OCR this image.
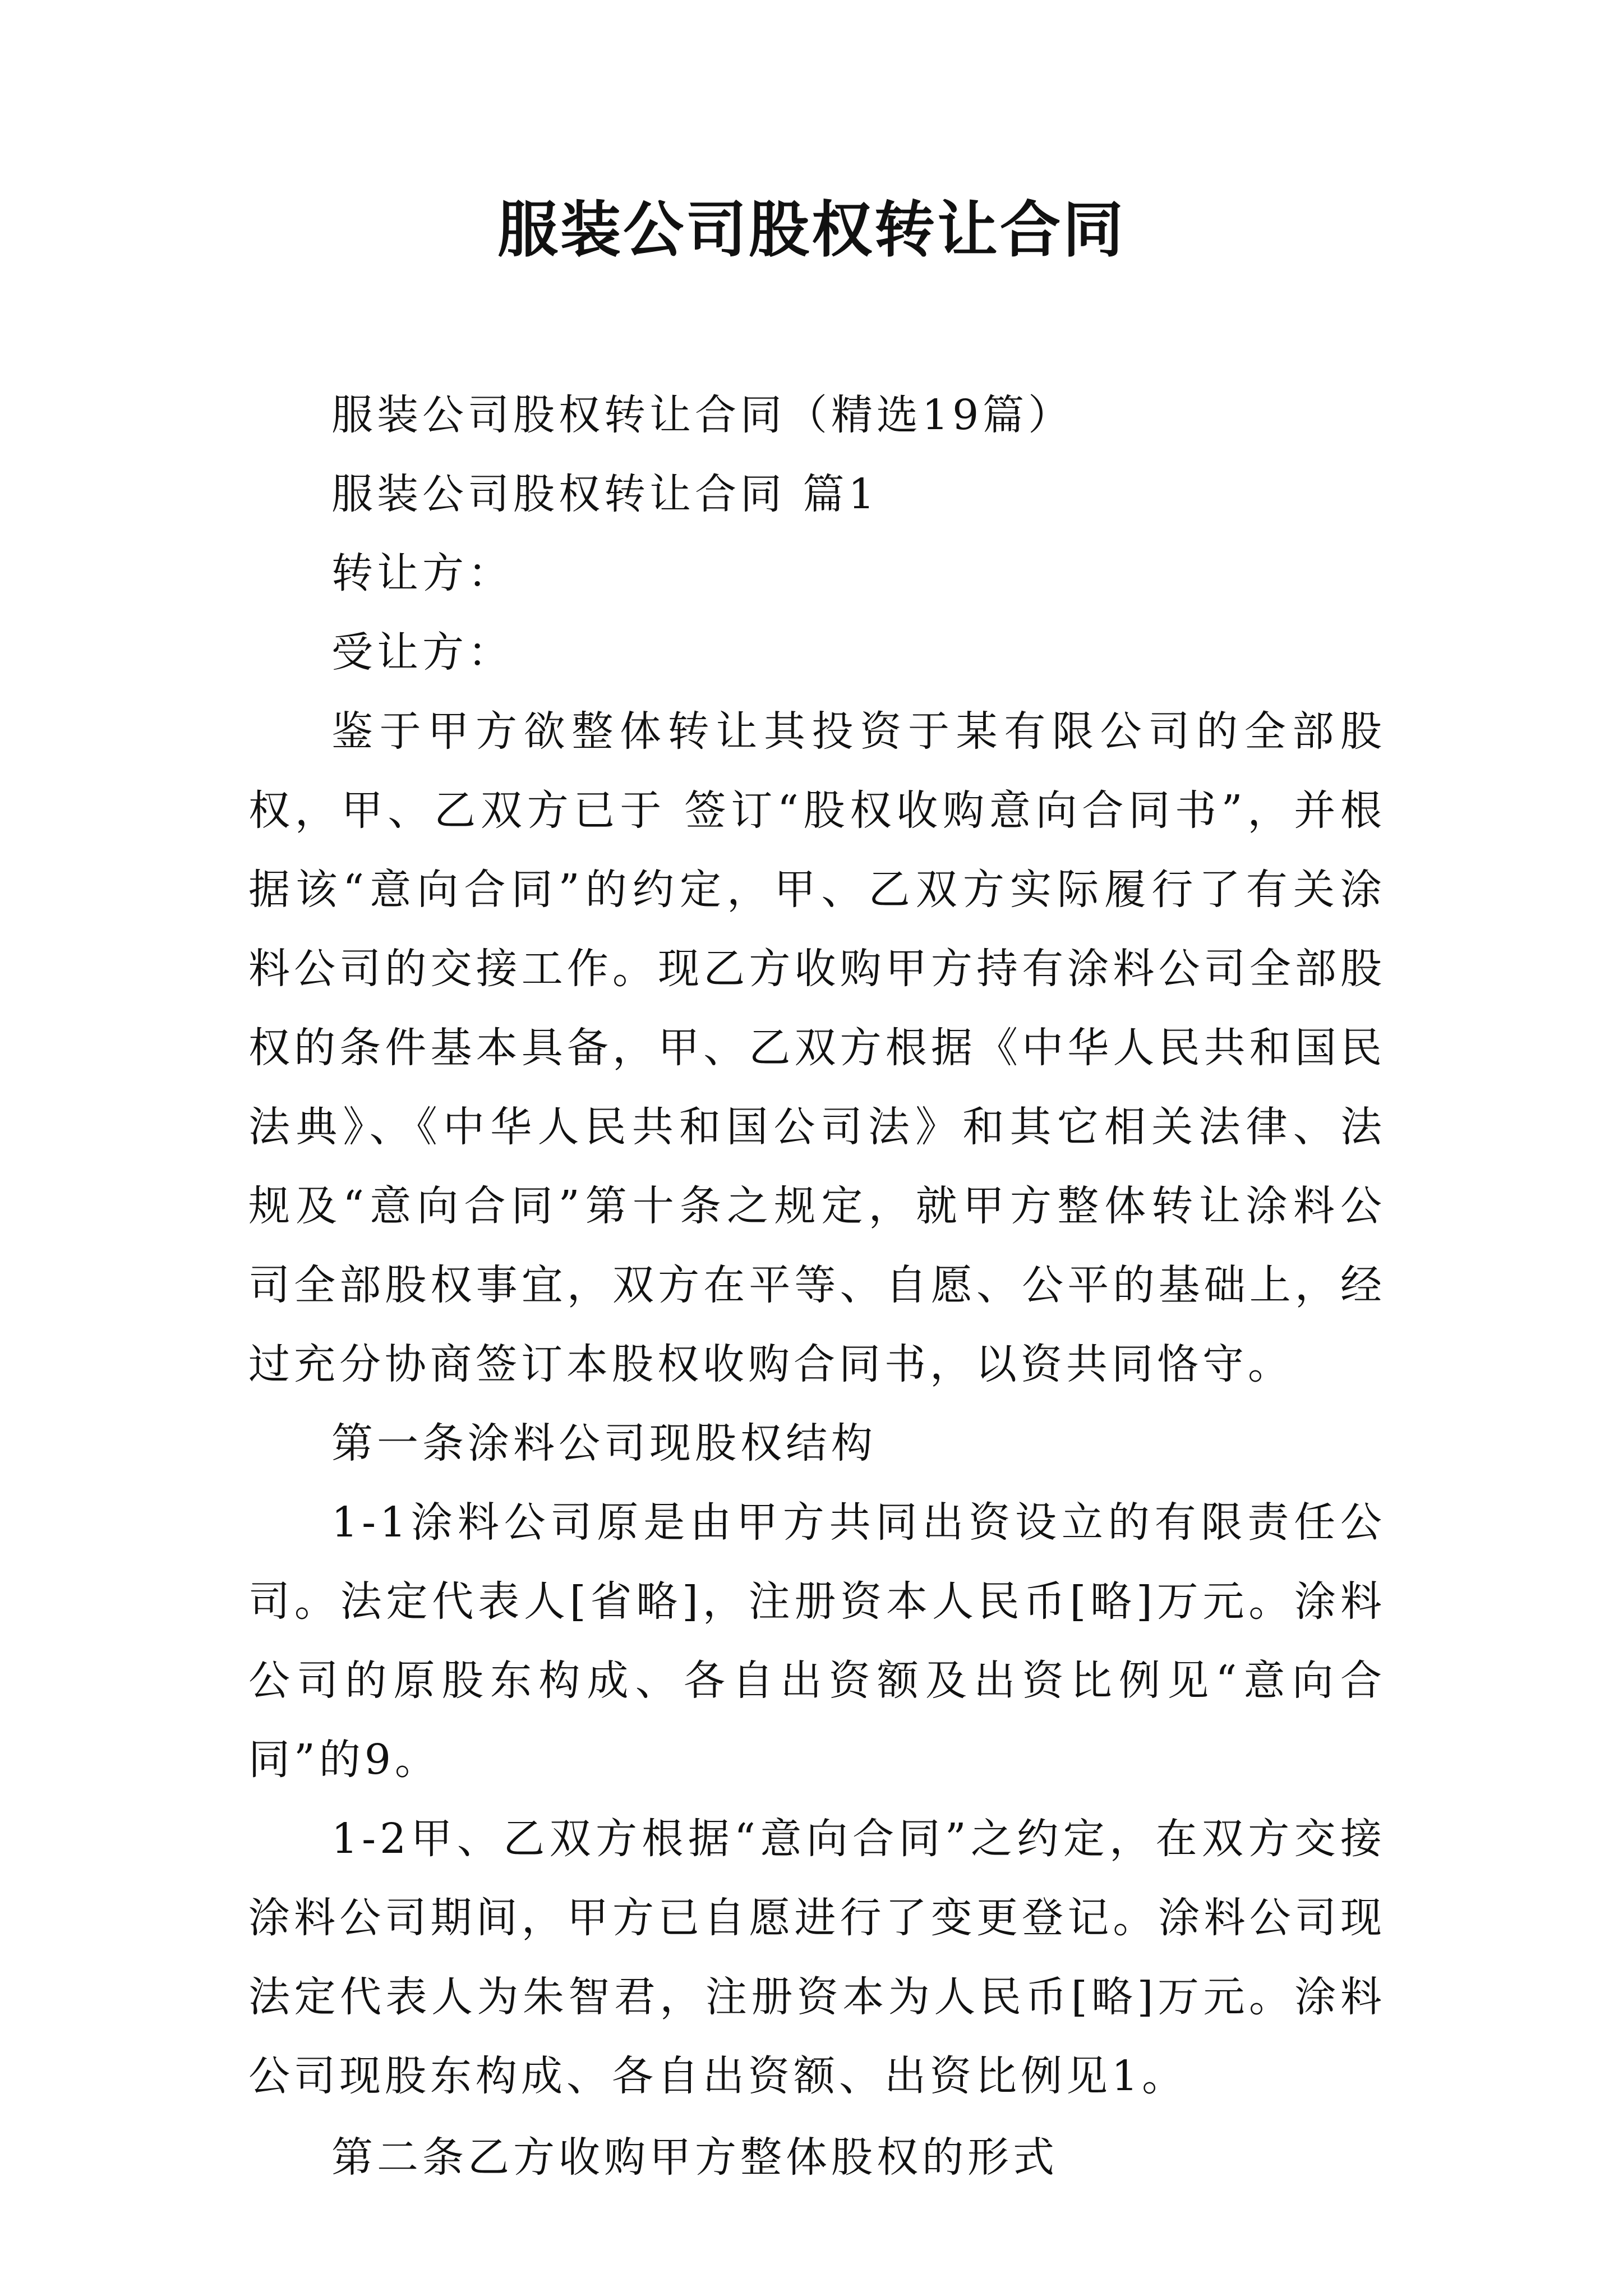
服装公司股权转让合同

服装公司股权转让合同（精选19篇）

服装公司股权转让合同 篇1

转让方：

受让方：

鉴于甲方欲整体转让其投资于某有限公司的全部股权，甲、乙双方已于 签订“股权收购意向合同书”，并根据该“意向合同”的约定，甲、乙双方实际履行了有关涂料公司的交接工作。现乙方收购甲方持有涂料公司全部股权的条件基本具备，甲、乙双方根据《中华人民共和国民法典》、《中华人民共和国公司法》和其它相关法律、法规及“意向合同”第十条之规定，就甲方整体转让涂料公司全部股权事宜，双方在平等、自愿、公平的基础上，经过充分协商签订本股权收购合同书，以资共同恪守。

第一条涂料公司现股权结构

1-1涂料公司原是由甲方共同出资设立的有限责任公司。法定代表人[省略]，注册资本人民币[略]万元。涂料公司的原股东构成、各自出资额及出资比例见“意向合同”的9。

1-2甲、乙双方根据“意向合同”之约定，在双方交接涂料公司期间，甲方已自愿进行了变更登记。涂料公司现法定代表人为朱智君，注册资本为人民币[略]万元。涂料公司现股东构成、各自出资额、出资比例见1。

第二条乙方收购甲方整体股权的形式
